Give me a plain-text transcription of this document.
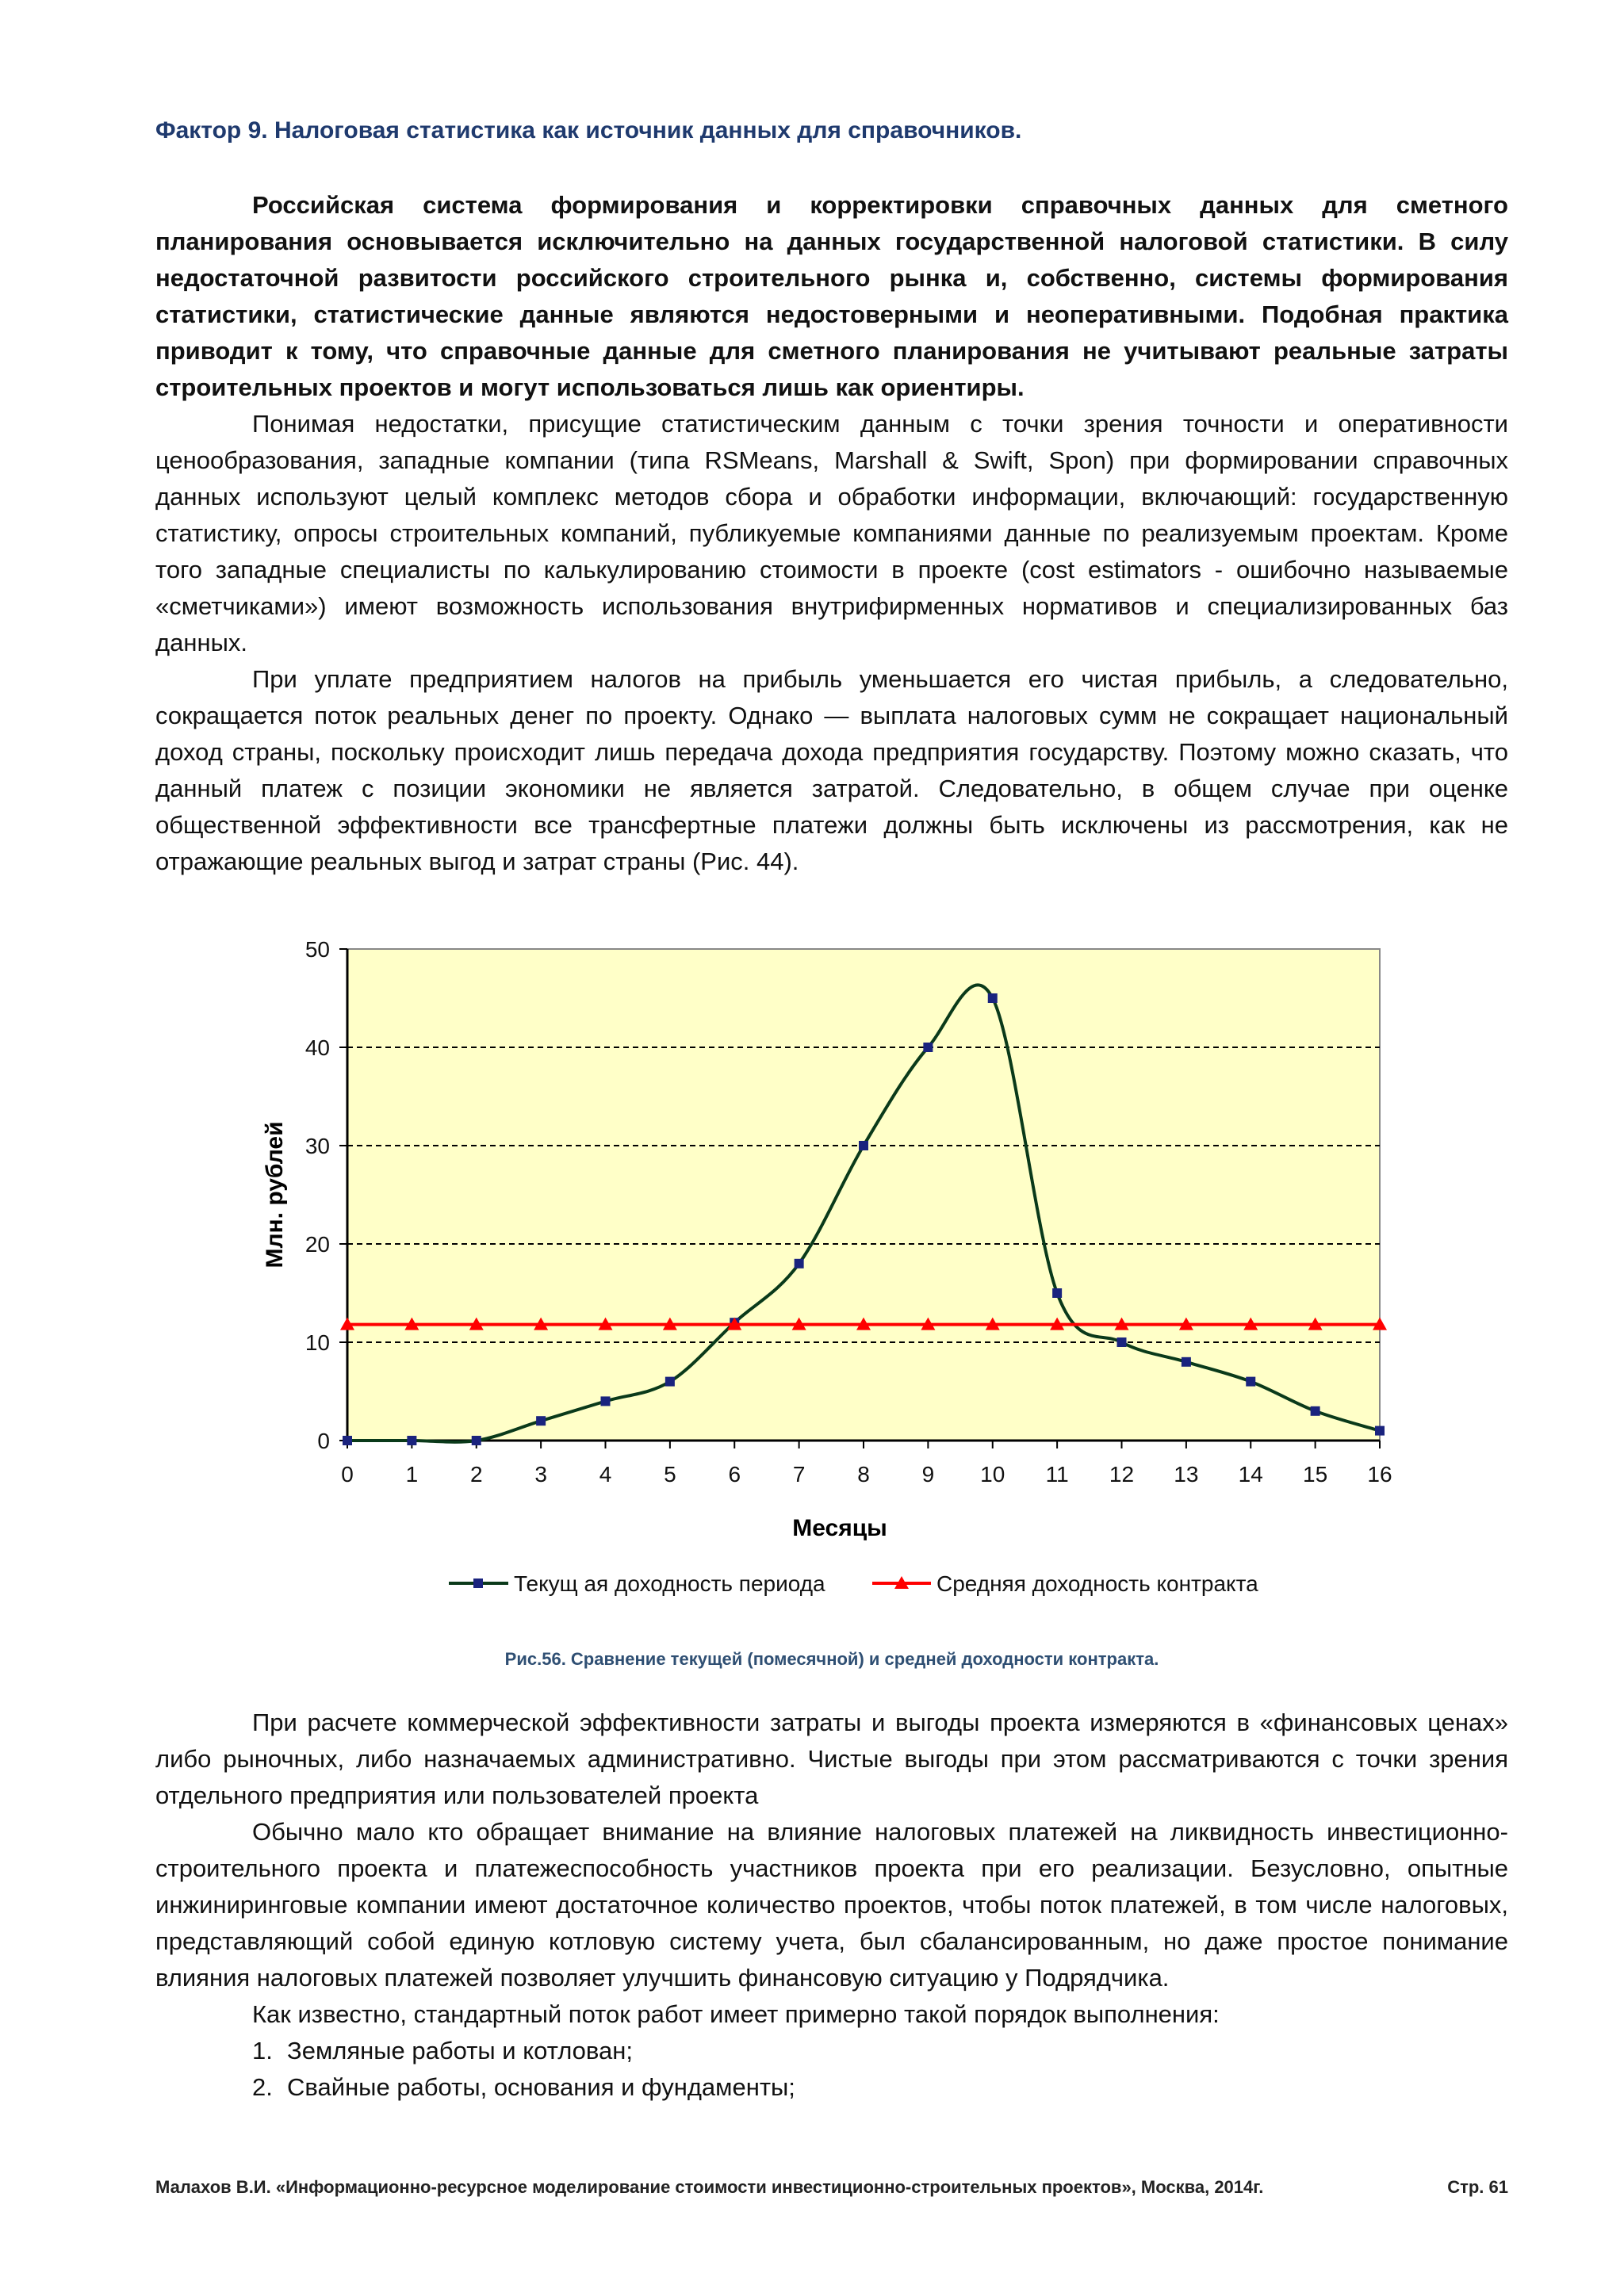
Фактор 9. Налоговая статистика как источник данных для справочников.

Российская система формирования и корректировки справочных данных для сметного планирования основывается исключительно на данных государственной налоговой статистики. В силу недостаточной развитости российского строительного рынка и, собственно, системы формирования статистики, статистические данные являются недостоверными и неоперативными. Подобная практика приводит к тому, что справочные данные для сметного планирования не учитывают реальные затраты строительных проектов и могут использоваться лишь как ориентиры.

Понимая недостатки, присущие статистическим данным с точки зрения точности и оперативности ценообразования, западные компании (типа RSMeans, Marshall & Swift, Spon) при формировании справочных данных используют целый комплекс методов сбора и обработки информации, включающий: государственную статистику, опросы строительных компаний, публикуемые компаниями данные по реализуемым проектам. Кроме того западные специалисты по калькулированию стоимости в проекте (cost estimators - ошибочно называемые «сметчиками») имеют возможность использования внутрифирменных нормативов и специализированных баз данных.

При уплате предприятием налогов на прибыль уменьшается его чистая прибыль, а следовательно, сокращается поток реальных денег по проекту. Однако — выплата налоговых сумм не сокращает национальный доход страны, поскольку происходит лишь передача дохода предприятия государству. Поэтому можно сказать, что данный платеж с позиции экономики не является затратой. Следовательно, в общем случае при оценке общественной эффективности все трансфертные платежи должны быть исключены из рассмотрения, как не отражающие реальных выгод и затрат страны (Рис. 44).

0
10
20
30
40
50
0 1 2 3 4 5 6 7 8 9 10 11 12 13 14 15 16
Млн. рублей
Месяцы
Текущ ая доходность периода	Средняя доходность контракта
Рис.56. Сравнение текущей (помесячной) и средней доходности контракта.

При расчете коммерческой эффективности затраты и выгоды проекта измеряются в «финансовых ценах» либо рыночных, либо назначаемых административно. Чистые выгоды при этом рассматриваются с точки зрения отдельного предприятия или пользователей проекта

Обычно мало кто обращает внимание на влияние налоговых платежей на ликвидность инвестиционно-строительного проекта и платежеспособность участников проекта при его реализации. Безусловно, опытные инжиниринговые компании имеют достаточное количество проектов, чтобы поток платежей, в том числе налоговых, представляющий собой единую котловую систему учета, был сбалансированным, но даже простое понимание влияния налоговых платежей позволяет улучшить финансовую ситуацию у Подрядчика.

Как известно, стандартный поток работ имеет примерно такой порядок выполнения:

1. Земляные работы и котлован;
2. Свайные работы, основания и фундаменты;
Малахов В.И. «Информационно-ресурсное моделирование стоимости инвестиционно-строительных проектов», Москва, 2014г.	Стр. 61
